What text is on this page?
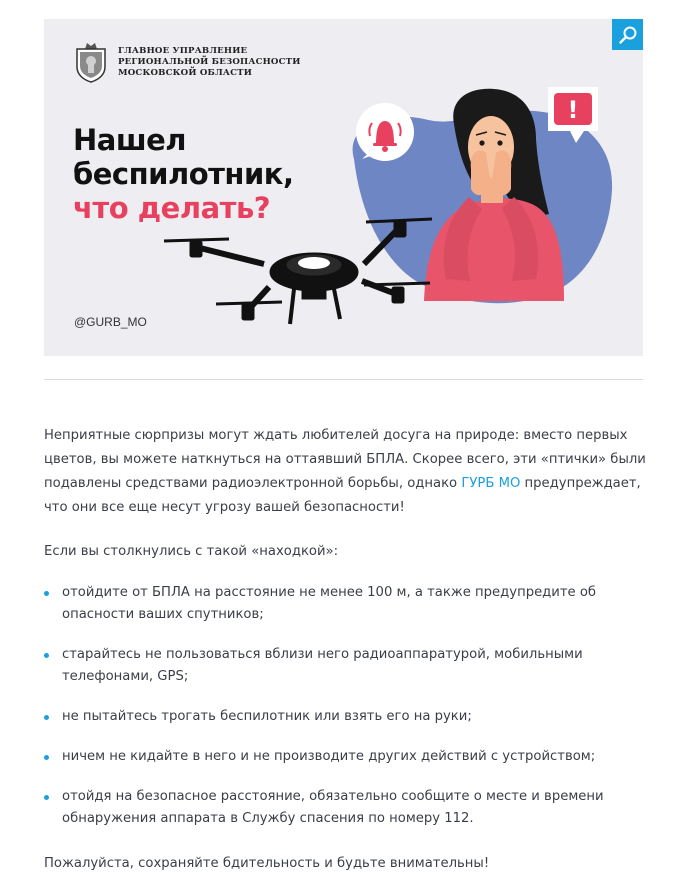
!
ГЛАВНОЕ УПРАВЛЕНИЕ
РЕГИОНАЛЬНОЙ БЕЗОПАСНОСТИ
МОСКОВСКОЙ ОБЛАСТИ
Нашел
беспилотник,
что делать?
@GURB_MO

Неприятные сюрпризы могут ждать любителей досуга на природе: вместо первых цветов, вы можете наткнуться на оттаявший БПЛА. Скорее всего, эти «птички» были подавлены средствами радиоэлектронной борьбы, однако ГУРБ МО предупреждает, что они все еще несут угрозу вашей безопасности!

Если вы столкнулись с такой «находкой»:

отойдите от БПЛА на расстояние не менее 100 м, а также предупредите об опасности ваших спутников;
старайтесь не пользоваться вблизи него радиоаппаратурой, мобильными телефонами, GPS;
не пытайтесь трогать беспилотник или взять его на руки;
ничем не кидайте в него и не производите других действий с устройством;
отойдя на безопасное расстояние, обязательно сообщите о месте и времени обнаружения аппарата в Службу спасения по номеру 112.

Пожалуйста, сохраняйте бдительность и будьте внимательны!
